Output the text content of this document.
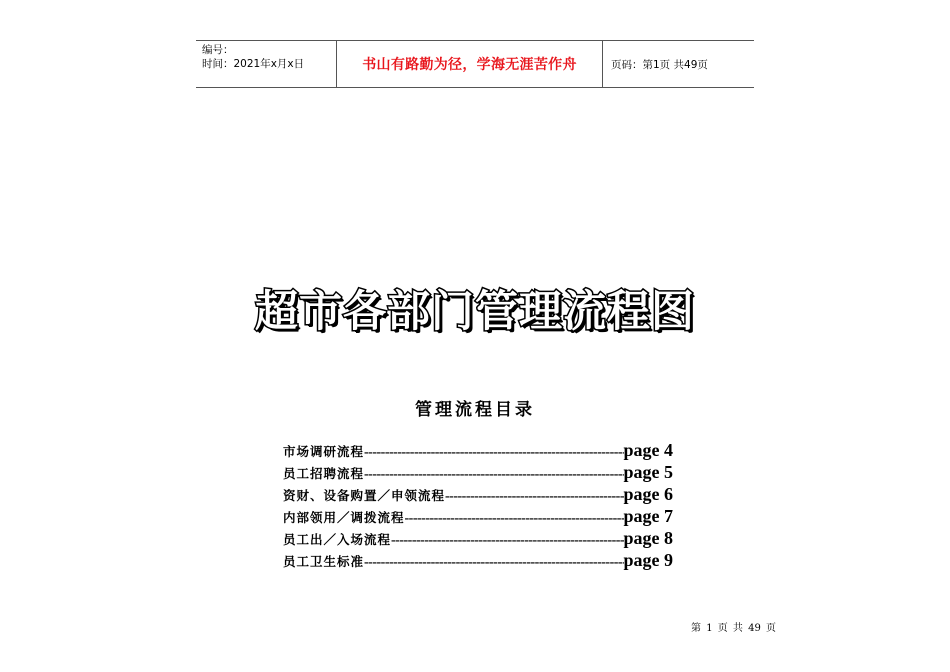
编号：
时间：2021年x月x日	书山有路勤为径，学海无涯苦作舟	页码：第1页 共49页
超市各部门管理流程图
管理流程目录
市场调研流程 -----	page 4
员工招聘流程 -----	page 5
资财、设备购置／申领流程 -----	page 6
内部领用／调拨流程 -----	page 7
员工出／入场流程 -----	page 8
员工卫生标准 -----	page 9
第 1 页 共 49 页
